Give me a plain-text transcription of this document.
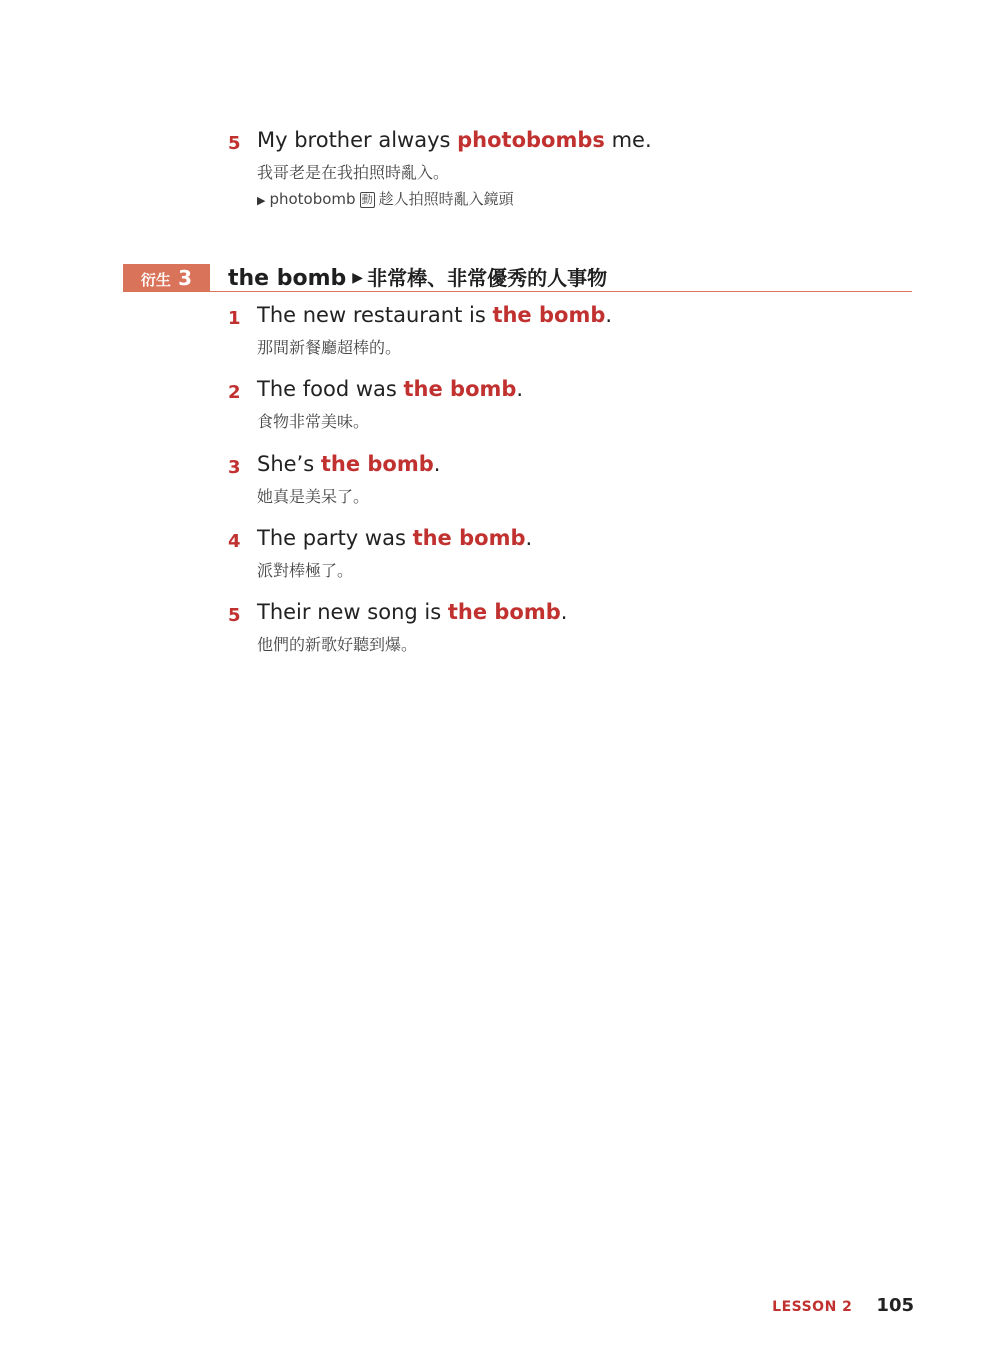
5 My brother always photobombs me.
我哥老是在我拍照時亂入。
▶ photobomb 動 趁人拍照時亂入鏡頭
衍生 3	the bomb ▶ 非常棒、非常優秀的人事物
1 The new restaurant is the bomb.
那間新餐廳超棒的。
2 The food was the bomb.
食物非常美味。
3 She’s the bomb.
她真是美呆了。
4 The party was the bomb.
派對棒極了。
5 Their new song is the bomb.
他們的新歌好聽到爆。
LESSON 2 105
